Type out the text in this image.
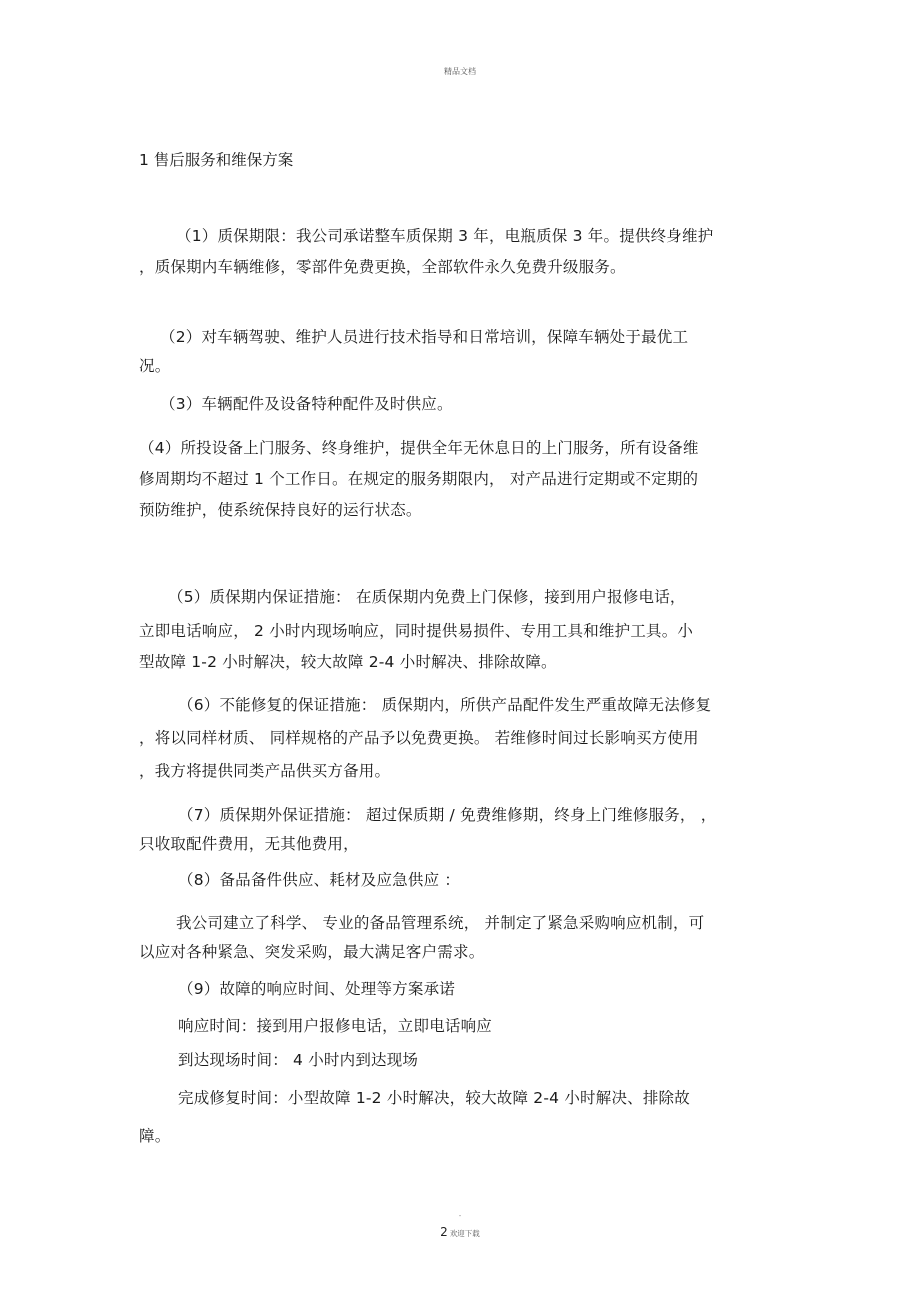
精品文档
1 售后服务和维保方案
（1）质保期限：我公司承诺整车质保期 3 年，电瓶质保 3 年。提供终身维护
，质保期内车辆维修，零部件免费更换，全部软件永久免费升级服务。
（2）对车辆驾驶、维护人员进行技术指导和日常培训，保障车辆处于最优工
况。
（3）车辆配件及设备特种配件及时供应。
（4）所投设备上门服务、终身维护，提供全年无休息日的上门服务，所有设备维
修周期均不超过 1 个工作日。在规定的服务期限内， 对产品进行定期或不定期的
预防维护，使系统保持良好的运行状态。
（5）质保期内保证措施： 在质保期内免费上门保修，接到用户报修电话，
立即电话响应， 2 小时内现场响应，同时提供易损件、专用工具和维护工具。小
型故障 1-2 小时解决，较大故障 2-4 小时解决、排除故障。
（6）不能修复的保证措施： 质保期内，所供产品配件发生严重故障无法修复
，将以同样材质、 同样规格的产品予以免费更换。 若维修时间过长影响买方使用
，我方将提供同类产品供买方备用。
（7）质保期外保证措施： 超过保质期 / 免费维修期，终身上门维修服务， ，
只收取配件费用，无其他费用，
（8）备品备件供应、耗材及应急供应 ：
我公司建立了科学、 专业的备品管理系统， 并制定了紧急采购响应机制，可
以应对各种紧急、突发采购，最大满足客户需求。
（9）故障的响应时间、处理等方案承诺
响应时间：接到用户报修电话，立即电话响应
到达现场时间： 4 小时内到达现场
完成修复时间：小型故障 1-2 小时解决，较大故障 2-4 小时解决、排除故
障。
-
2 欢迎下载
